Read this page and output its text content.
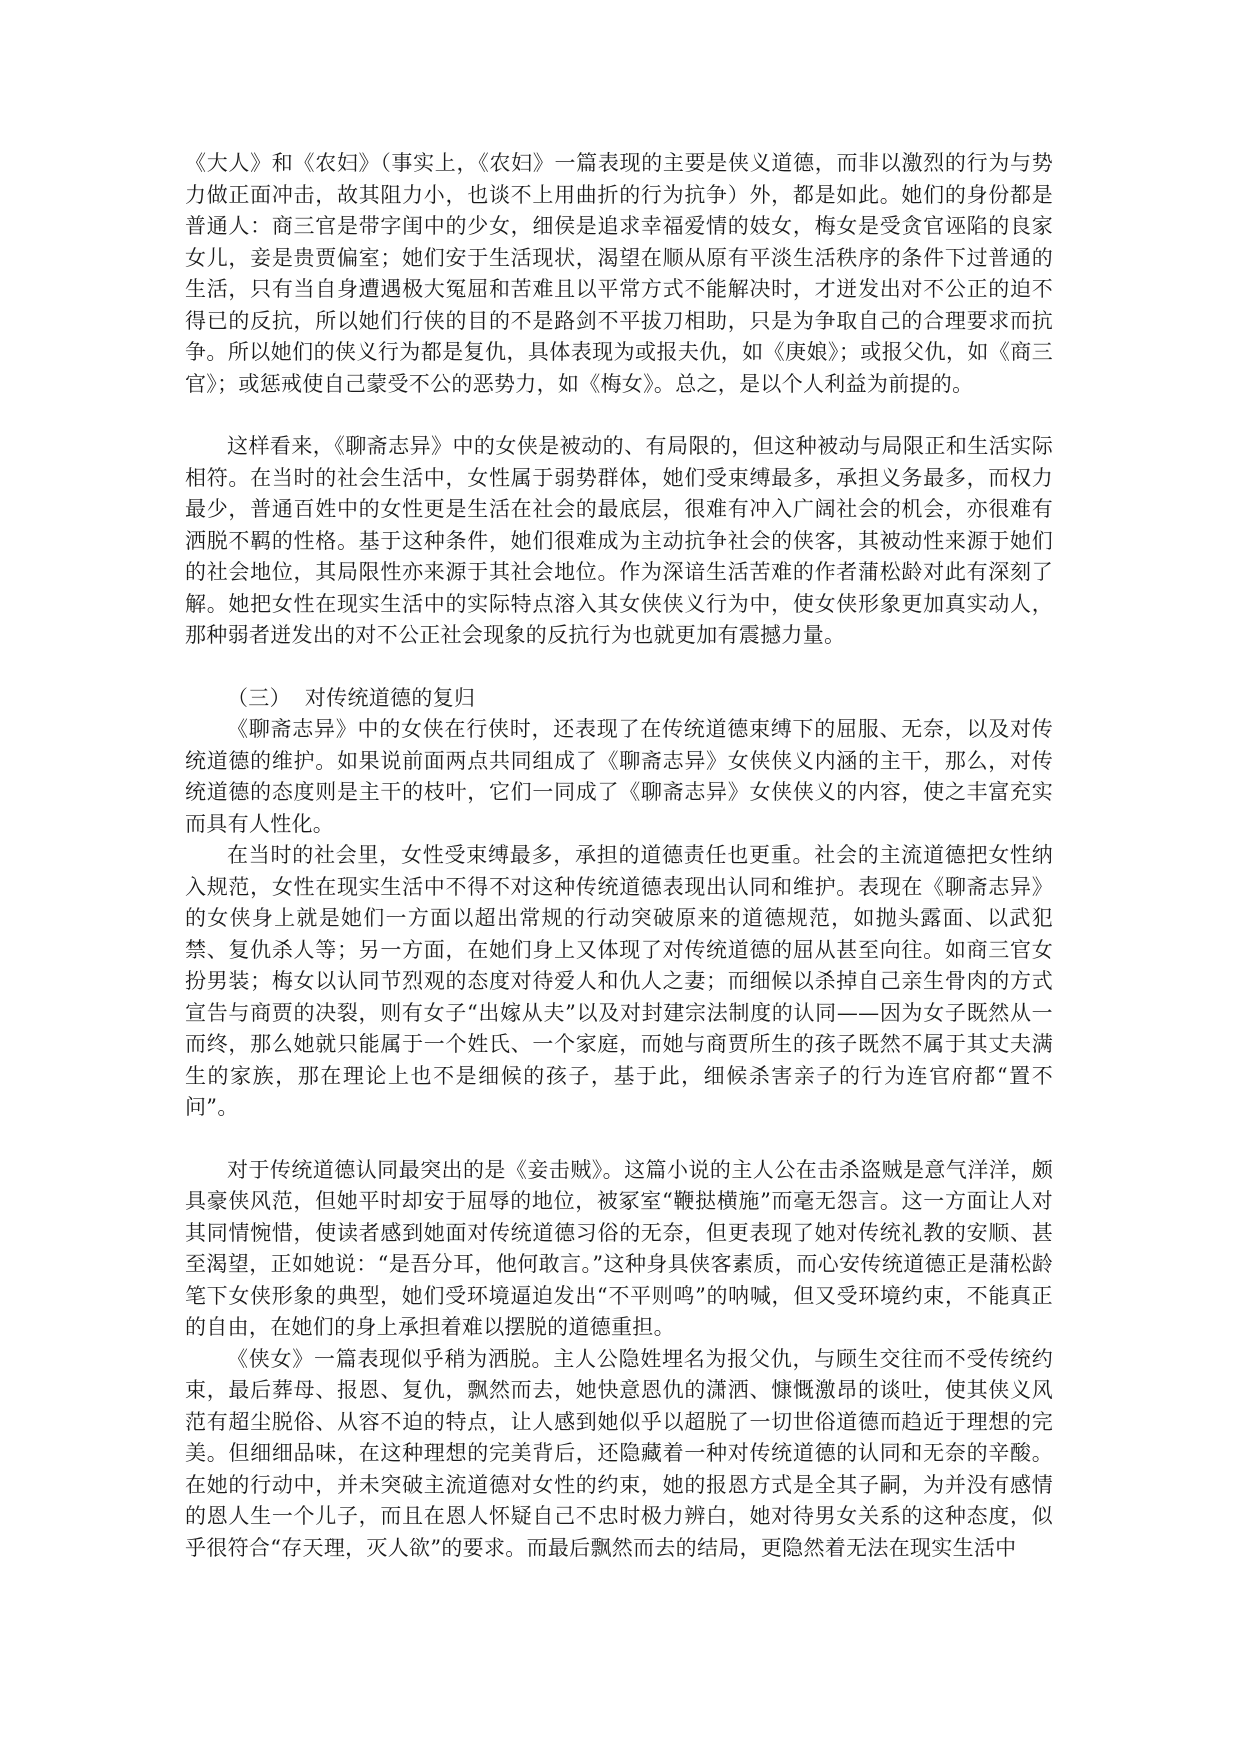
《大人》和《农妇》（事实上，《农妇》一篇表现的主要是侠义道德，而非以激烈的行为与势力做正面冲击，故其阻力小，也谈不上用曲折的行为抗争）外，都是如此。她们的身份都是普通人：商三官是带字闺中的少女，细侯是追求幸福爱情的妓女，梅女是受贪官诬陷的良家女儿，妾是贵贾偏室；她们安于生活现状，渴望在顺从原有平淡生活秩序的条件下过普通的生活，只有当自身遭遇极大冤屈和苦难且以平常方式不能解决时，才迸发出对不公正的迫不得已的反抗，所以她们行侠的目的不是路剑不平拔刀相助，只是为争取自己的合理要求而抗争。所以她们的侠义行为都是复仇，具体表现为或报夫仇，如《庚娘》；或报父仇，如《商三官》；或惩戒使自己蒙受不公的恶势力，如《梅女》。总之，是以个人利益为前提的。

这样看来，《聊斋志异》中的女侠是被动的、有局限的，但这种被动与局限正和生活实际相符。在当时的社会生活中，女性属于弱势群体，她们受束缚最多，承担义务最多，而权力最少，普通百姓中的女性更是生活在社会的最底层，很难有冲入广阔社会的机会，亦很难有洒脱不羁的性格。基于这种条件，她们很难成为主动抗争社会的侠客，其被动性来源于她们的社会地位，其局限性亦来源于其社会地位。作为深谙生活苦难的作者蒲松龄对此有深刻了解。她把女性在现实生活中的实际特点溶入其女侠侠义行为中，使女侠形象更加真实动人，那种弱者迸发出的对不公正社会现象的反抗行为也就更加有震撼力量。

（三）  对传统道德的复归

《聊斋志异》中的女侠在行侠时，还表现了在传统道德束缚下的屈服、无奈，以及对传统道德的维护。如果说前面两点共同组成了《聊斋志异》女侠侠义内涵的主干，那么，对传统道德的态度则是主干的枝叶，它们一同成了《聊斋志异》女侠侠义的内容，使之丰富充实而具有人性化。

在当时的社会里，女性受束缚最多，承担的道德责任也更重。社会的主流道德把女性纳入规范，女性在现实生活中不得不对这种传统道德表现出认同和维护。表现在《聊斋志异》的女侠身上就是她们一方面以超出常规的行动突破原来的道德规范，如抛头露面、以武犯禁、复仇杀人等；另一方面，在她们身上又体现了对传统道德的屈从甚至向往。如商三官女扮男装；梅女以认同节烈观的态度对待爱人和仇人之妻；而细候以杀掉自己亲生骨肉的方式宣告与商贾的决裂，则有女子“出嫁从夫”以及对封建宗法制度的认同——因为女子既然从一而终，那么她就只能属于一个姓氏、一个家庭，而她与商贾所生的孩子既然不属于其丈夫满生的家族，那在理论上也不是细候的孩子，基于此，细候杀害亲子的行为连官府都“置不问”。

对于传统道德认同最突出的是《妾击贼》。这篇小说的主人公在击杀盗贼是意气洋洋，颇具豪侠风范，但她平时却安于屈辱的地位，被冢室“鞭挞横施”而毫无怨言。这一方面让人对其同情惋惜，使读者感到她面对传统道德习俗的无奈，但更表现了她对传统礼教的安顺、甚至渴望，正如她说：“是吾分耳，他何敢言。”这种身具侠客素质，而心安传统道德正是蒲松龄笔下女侠形象的典型，她们受环境逼迫发出“不平则鸣”的呐喊，但又受环境约束，不能真正的自由，在她们的身上承担着难以摆脱的道德重担。

《侠女》一篇表现似乎稍为洒脱。主人公隐姓埋名为报父仇，与顾生交往而不受传统约束，最后葬母、报恩、复仇，飘然而去，她快意恩仇的潇洒、慷慨激昂的谈吐，使其侠义风范有超尘脱俗、从容不迫的特点，让人感到她似乎以超脱了一切世俗道德而趋近于理想的完美。但细细品味，在这种理想的完美背后，还隐藏着一种对传统道德的认同和无奈的辛酸。在她的行动中，并未突破主流道德对女性的约束，她的报恩方式是全其子嗣，为并没有感情的恩人生一个儿子，而且在恩人怀疑自己不忠时极力辨白，她对待男女关系的这种态度，似乎很符合“存天理，灭人欲”的要求。而最后飘然而去的结局，更隐然着无法在现实生活中
